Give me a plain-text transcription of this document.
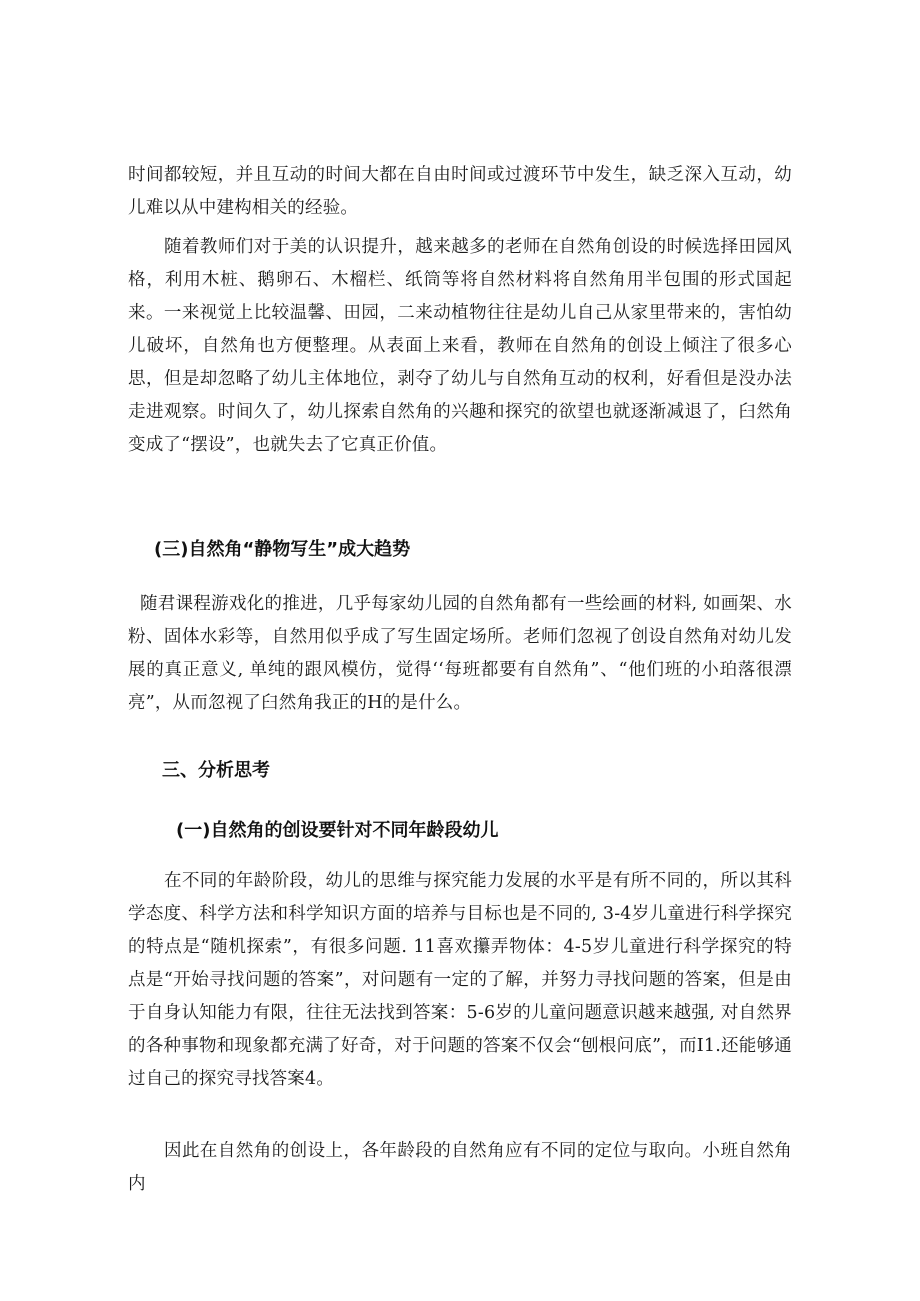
时间都较短，并且互动的时间大都在自由时间或过渡环节中发生，缺乏深入互动，幼儿难以从中建构相关的经验。

随着教师们对于美的认识提升，越来越多的老师在自然角创设的时候选择田园风格，利用木桩、鹅卵石、木榴栏、纸筒等将自然材料将自然角用半包围的形式国起来。一来视觉上比较温馨、田园，二来动植物往往是幼儿自己从家里带来的，害怕幼儿破坏，自然角也方便整理。从表面上来看，教师在自然角的创设上倾注了很多心思，但是却忽略了幼儿主体地位，剥夺了幼儿与自然角互动的权利，好看但是没办法走进观察。时间久了，幼儿探索自然角的兴趣和探究的欲望也就逐渐减退了，臼然角变成了“摆设”，也就失去了它真正价值。

(三)自然角“静物写生”成大趋势

随君课程游戏化的推进，几乎每家幼儿园的自然角都有一些绘画的材料, 如画架、水粉、固体水彩等，自然用似乎成了写生固定场所。老师们忽视了创设自然角对幼儿发展的真正意义, 单纯的跟风模仿，觉得‘‘每班都要有自然角”、“他们班的小珀落很漂亮”，从而忽视了臼然角我正的H的是什么。

三、分析思考
(一)自然角的创设要针对不同年龄段幼儿

在不同的年龄阶段，幼儿的思维与探究能力发展的水平是有所不同的，所以其科学态度、科学方法和科学知识方面的培养与目标也是不同的, 3-4岁儿童进行科学探究的特点是“随机探索”，有很多问题. 11喜欢攥弄物体：4-5岁儿童进行科学探究的特点是“开始寻找问题的答案”，对问题有一定的了解，并努力寻找问题的答案，但是由于自身认知能力有限，往往无法找到答案：5-6岁的儿童问题意识越来越强, 对自然界的各种事物和现象都充满了好奇，对于问题的答案不仅会“刨根问底”，而I1.还能够通过自己的探究寻找答案4。

因此在自然角的创设上，各年龄段的自然角应有不同的定位与取向。小班自然角内
